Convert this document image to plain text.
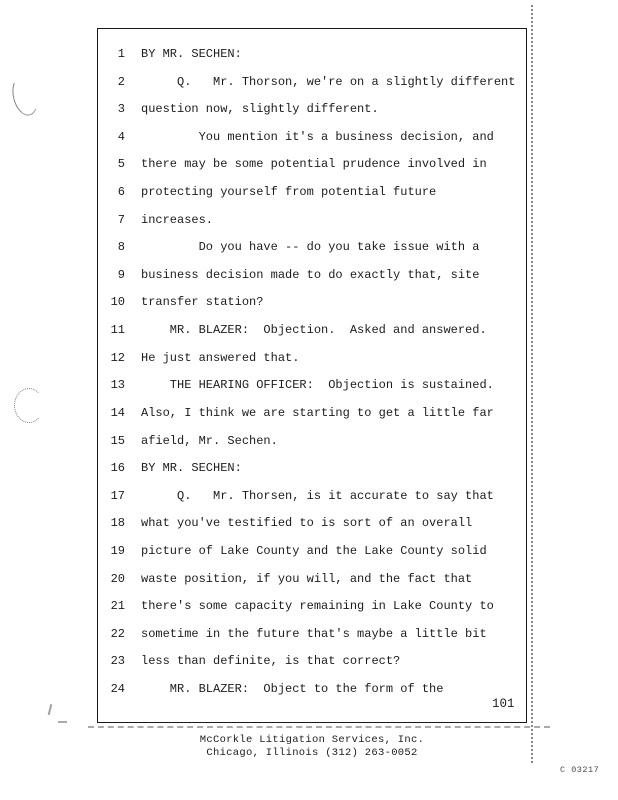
1 BY MR. SECHEN:
2 Q.   Mr. Thorson, we're on a slightly different
3 question now, slightly different.
4 You mention it's a business decision, and
5 there may be some potential prudence involved in
6 protecting yourself from potential future
7 increases.
8 Do you have -- do you take issue with a
9 business decision made to do exactly that, site
10 transfer station?
11 MR. BLAZER:  Objection.  Asked and answered.
12 He just answered that.
13 THE HEARING OFFICER:  Objection is sustained.
14 Also, I think we are starting to get a little far
15 afield, Mr. Sechen.
16 BY MR. SECHEN:
17 Q.   Mr. Thorsen, is it accurate to say that
18 what you've testified to is sort of an overall
19 picture of Lake County and the Lake County solid
20 waste position, if you will, and the fact that
21 there's some capacity remaining in Lake County to
22 sometime in the future that's maybe a little bit
23 less than definite, is that correct?
24 MR. BLAZER:  Object to the form of the
101
McCorkle Litigation Services, Inc.
Chicago, Illinois (312) 263-0052
C 03217
